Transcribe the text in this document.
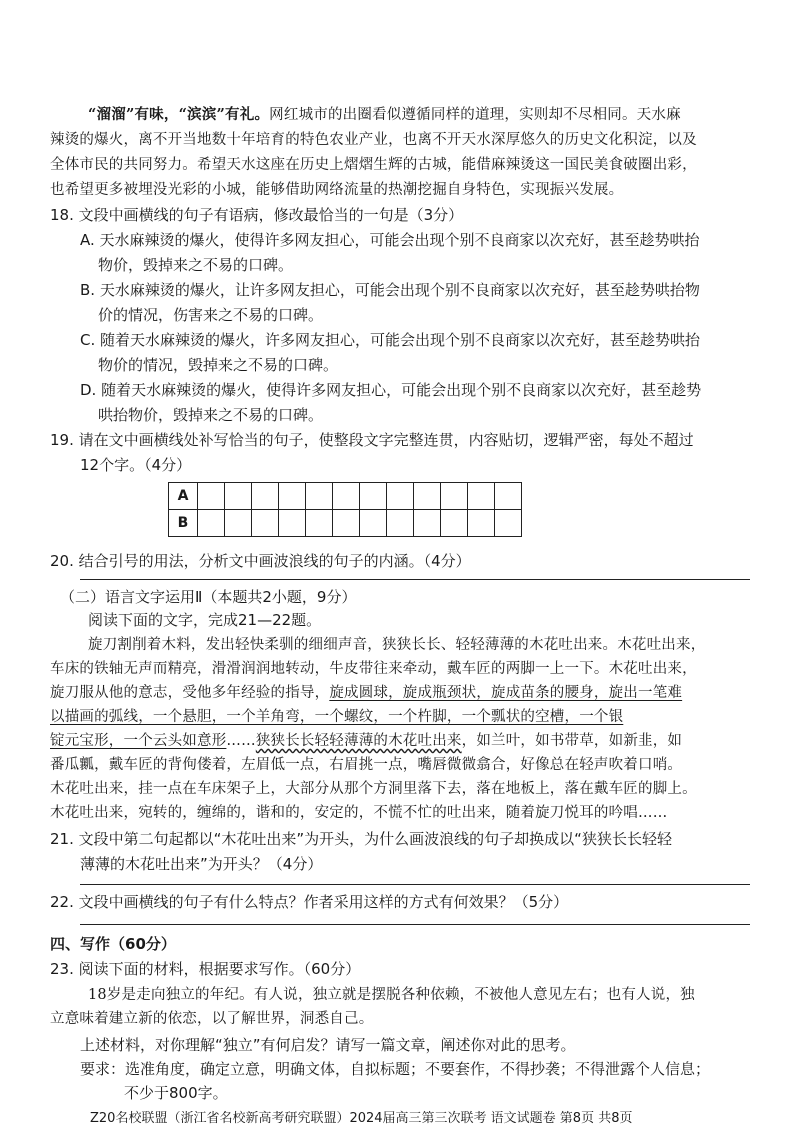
“溜溜”有味，“滨滨”有礼。网红城市的出圈看似遵循同样的道理，实则却不尽相同。天水麻
辣烫的爆火，离不开当地数十年培育的特色农业产业，也离不开天水深厚悠久的历史文化积淀，以及
全体市民的共同努力。希望天水这座在历史上熠熠生辉的古城，能借麻辣烫这一国民美食破圈出彩，
也希望更多被埋没光彩的小城，能够借助网络流量的热潮挖掘自身特色，实现振兴发展。
18. 文段中画横线的句子有语病，修改最恰当的一句是（3分）
A. 天水麻辣烫的爆火，使得许多网友担心，可能会出现个别不良商家以次充好，甚至趁势哄抬
物价，毁掉来之不易的口碑。
B. 天水麻辣烫的爆火，让许多网友担心，可能会出现个别不良商家以次充好，甚至趁势哄抬物
价的情况，伤害来之不易的口碑。
C. 随着天水麻辣烫的爆火，许多网友担心，可能会出现个别不良商家以次充好，甚至趁势哄抬
物价的情况，毁掉来之不易的口碑。
D. 随着天水麻辣烫的爆火，使得许多网友担心，可能会出现个别不良商家以次充好，甚至趁势
哄抬物价，毁掉来之不易的口碑。
19. 请在文中画横线处补写恰当的句子，使整段文字完整连贯，内容贴切，逻辑严密，每处不超过
12个字。（4分）
A												
B												
20. 结合引号的用法，分析文中画波浪线的句子的内涵。（4分）
（二）语言文字运用Ⅱ（本题共2小题，9分）
阅读下面的文字，完成21—22题。
旋刀割削着木料，发出轻快柔驯的细细声音，狭狭长长、轻轻薄薄的木花吐出来。木花吐出来，
车床的铁轴无声而精亮，滑滑润润地转动，牛皮带往来牵动，戴车匠的两脚一上一下。木花吐出来，
旋刀服从他的意志，受他多年经验的指导，旋成圆球，旋成瓶颈状，旋成苗条的腰身，旋出一笔难
以描画的弧线，一个悬胆，一个羊角弯，一个螺纹，一个杵脚，一个瓢状的空槽，一个银
锭元宝形，一个云头如意形……狭狭长长轻轻薄薄的木花吐出来，如兰叶，如书带草，如新韭，如
番瓜瓤，戴车匠的背佝偻着，左眉低一点，右眉挑一点，嘴唇微微翕合，好像总在轻声吹着口哨。
木花吐出来，挂一点在车床架子上，大部分从那个方洞里落下去，落在地板上，落在戴车匠的脚上。
木花吐出来，宛转的，缠绵的，谐和的，安定的，不慌不忙的吐出来，随着旋刀悦耳的吟唱……
21. 文段中第二句起都以“木花吐出来”为开头，为什么画波浪线的句子却换成以“狭狭长长轻轻
薄薄的木花吐出来”为开头？（4分）
22. 文段中画横线的句子有什么特点？作者采用这样的方式有何效果？（5分）
四、写作（60分）
23. 阅读下面的材料，根据要求写作。（60分）
18岁是走向独立的年纪。有人说，独立就是摆脱各种依赖，不被他人意见左右；也有人说，独
立意味着建立新的依恋，以了解世界，洞悉自己。
上述材料，对你理解“独立”有何启发？请写一篇文章，阐述你对此的思考。
要求：选准角度，确定立意，明确文体，自拟标题；不要套作，不得抄袭；不得泄露个人信息；
不少于800字。
Z20名校联盟（浙江省名校新高考研究联盟）2024届高三第三次联考 语文试题卷 第8页 共8页
